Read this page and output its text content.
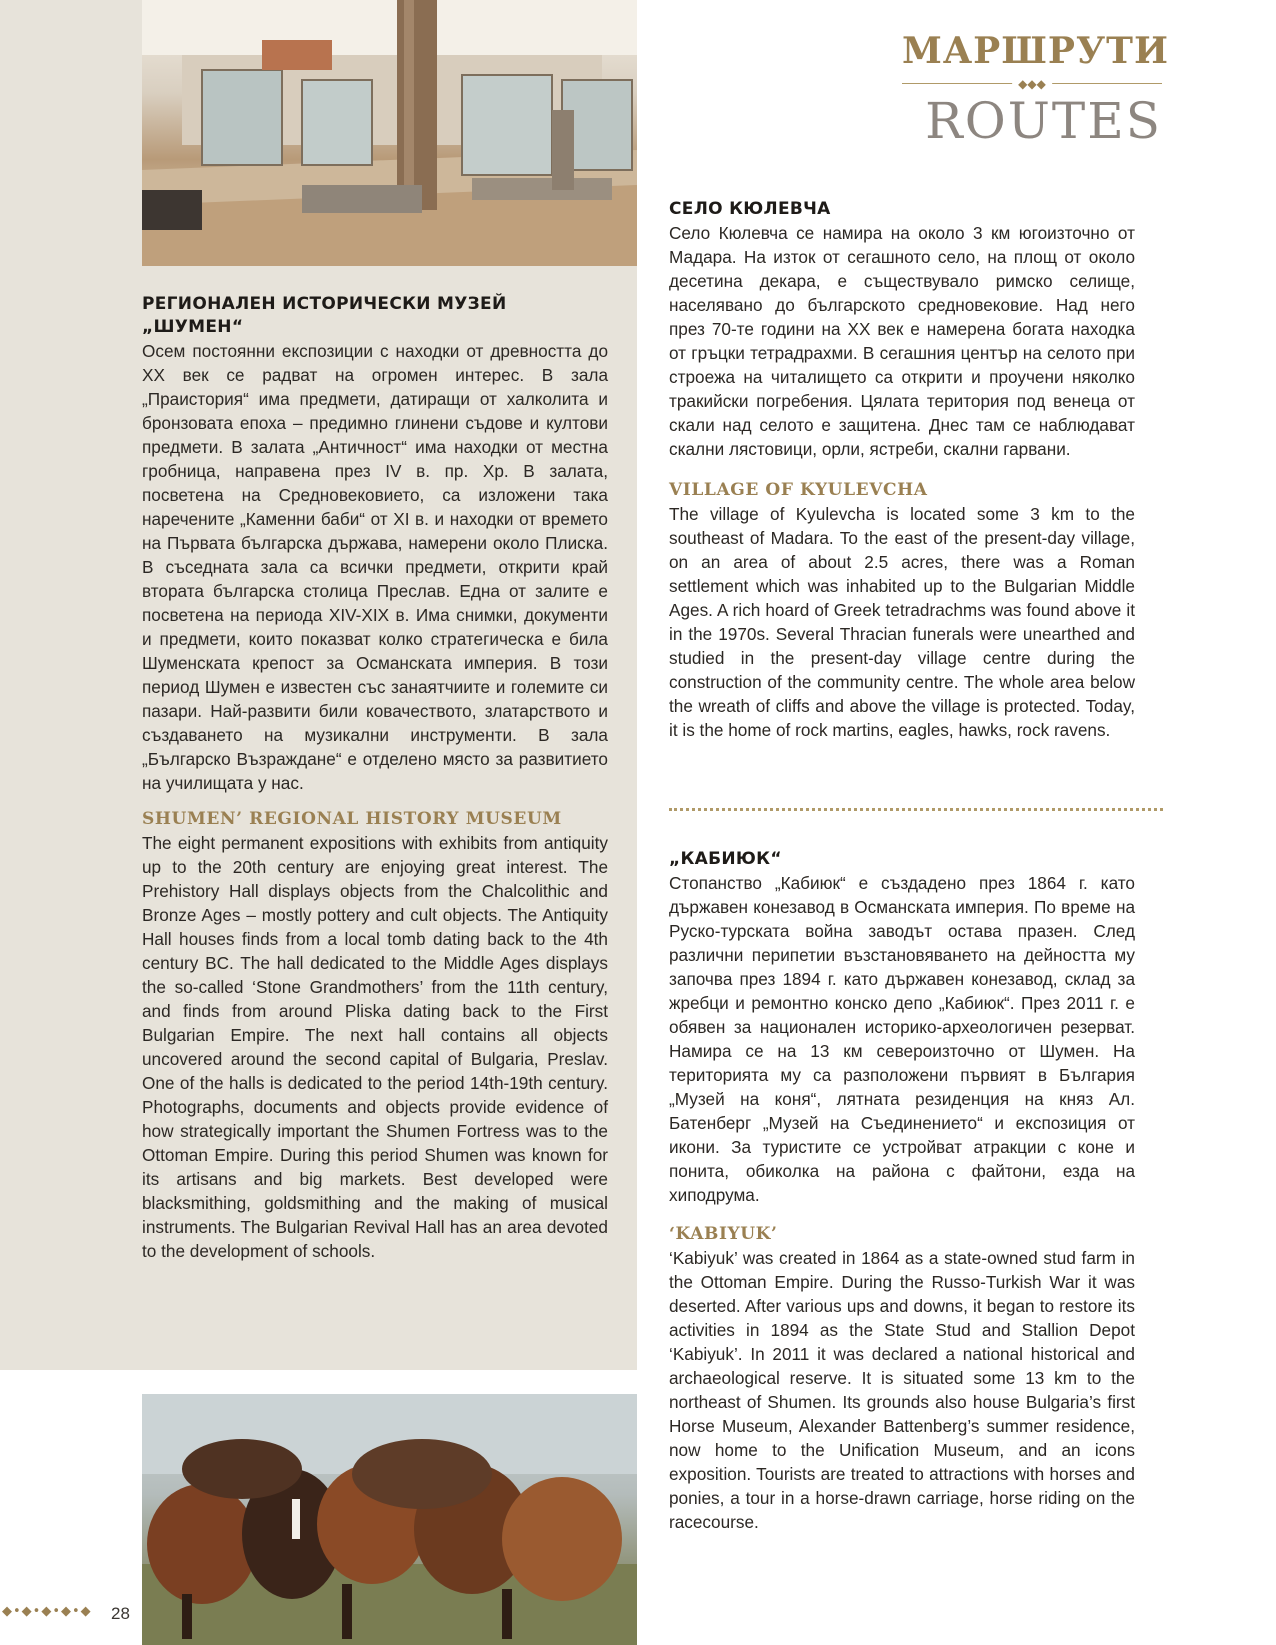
МАРШРУТИ
◆◆◆
ROUTES
РЕГИОНАЛЕН ИСТОРИЧЕСКИ МУЗЕЙ „ШУМЕН“

Осем постоянни експозиции с находки от древността до XX век се радват на огромен интерес. В зала „Праистория“ има предмети, датиращи от халколита и бронзовата епоха – предимно глинени съдове и култови предмети. В залата „Античност“ има находки от местна гробница, направена през IV в. пр. Хр. В залата, посветена на Средновековието, са изложени така наречените „Каменни баби“ от XI в. и находки от времето на Първата българска държава, намерени около Плиска. В съседната зала са всички предмети, открити край втората българска столица Преслав. Една от залите е посветена на периода XIV-XIX в. Има снимки, документи и предмети, които показват колко стратегическа е била Шуменската крепост за Османската империя. В този период Шумен е известен със занаятчиите и големите си пазари. Най-развити били ковачеството, златарството и създаването на музикални инструменти. В зала „Българско Възраждане“ е отделено място за развитието на училищата у нас.

SHUMEN’ REGIONAL HISTORY MUSEUM

The eight permanent expositions with exhibits from antiquity up to the 20th century are enjoying great interest. The Prehistory Hall displays objects from the Chalcolithic and Bronze Ages – mostly pottery and cult objects. The Antiquity Hall houses finds from a local tomb dating back to the 4th century BC. The hall dedicated to the Middle Ages displays the so-called ‘Stone Grandmothers’ from the 11th century, and finds from around Pliska dating back to the First Bulgarian Empire. The next hall contains all objects uncovered around the second capital of Bulgaria, Preslav. One of the halls is dedicated to the period 14th-19th century. Photographs, documents and objects provide evidence of how strategically important the Shumen Fortress was to the Ottoman Empire. During this period Shumen was known for its artisans and big markets. Best developed were blacksmithing, goldsmithing and the making of musical instruments. The Bulgarian Revival Hall has an area devoted to the development of schools.

СЕЛО КЮЛЕВЧА

Село Кюлевча се намира на около 3 км югоизточно от Мадара. На изток от сегашното село, на площ от около десетина декара, е съществувало римско селище, населявано до българското средновековие. Над него през 70-те години на XX век е намерена богата находка от гръцки тетрадрахми. В сегашния център на селото при строежа на читалището са открити и проучени няколко тракийски погребения. Цялата територия под венеца от скали над селото е защитена. Днес там се наблюдават скални лястовици, орли, ястреби, скални гарвани.

VILLAGE OF KYULEVCHA

The village of Kyulevcha is located some 3 km to the southeast of Madara. To the east of the present-day village, on an area of about 2.5 acres, there was a Roman settlement which was inhabited up to the Bulgarian Middle Ages. A rich hoard of Greek tetradrachms was found above it in the 1970s. Several Thracian funerals were unearthed and studied in the present-day village centre during the construction of the community centre. The whole area below the wreath of cliffs and above the village is protected. Today, it is the home of rock martins, eagles, hawks, rock ravens.

„КАБИЮК“

Стопанство „Кабиюк“ е създадено през 1864 г. като държавен конезавод в Османската империя. По време на Руско-турската война заводът остава празен. След различни перипетии възстановяването на дейността му започва през 1894 г. като държавен конезавод, склад за жребци и ремонтно конско депо „Кабиюк“. През 2011 г. е обявен за национален историко-археологичен резерват. Намира се на 13 км североизточно от Шумен. На територията му са разположени първият в България „Музей на коня“, лятната резиденция на княз Ал. Батенберг „Музей на Съединението“ и експозиция от икони. За туристите се устройват атракции с коне и понита, обиколка на района с файтони, езда на хиподрума.

‘KABIYUK’

‘Kabiyuk’ was created in 1864 as a state-owned stud farm in the Ottoman Empire. During the Russo-Turkish War it was deserted. After various ups and downs, it began to restore its activities in 1894 as the State Stud and Stallion Depot ‘Kabiyuk’. In 2011 it was declared a national historical and archaeological reserve. It is situated some 13 km to the northeast of Shumen. Its grounds also house Bulgaria’s first Horse Museum, Alexander Battenberg’s summer residence, now home to the Unification Museum, and an icons exposition. Tourists are treated to attractions with horses and ponies, a tour in a horse-drawn carriage, horse riding on the racecourse.

◆•◆•◆•◆•◆ 28
